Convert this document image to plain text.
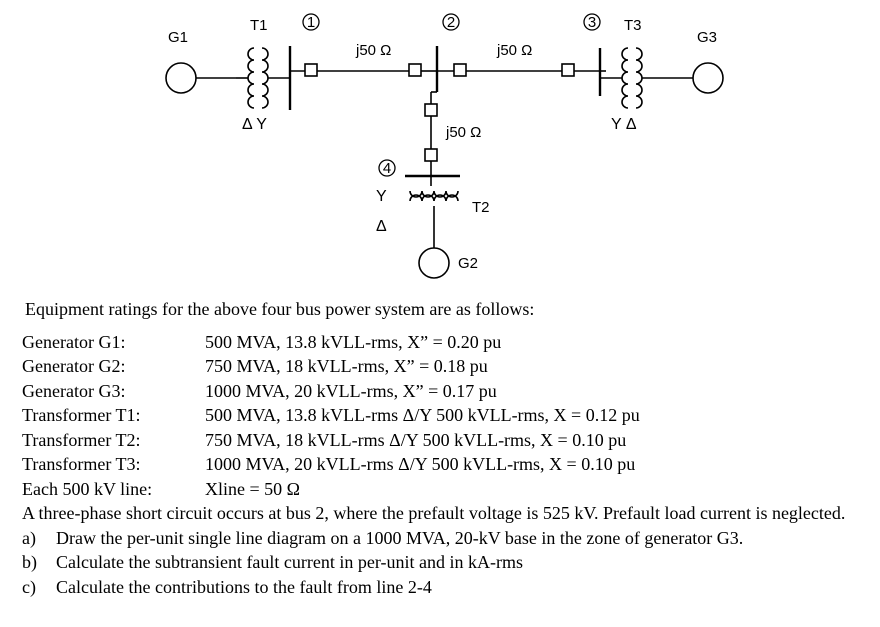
G1
T1
Δ Y
1
j50 Ω
2
j50 Ω
j50 Ω
3 T3
Y Δ
G3
4
T2
Y
Δ
G2
Equipment ratings for the above four bus power system are as follows:
Generator G1:	500 MVA, 13.8 kVLL-rms, X” = 0.20 pu
Generator G2:	750 MVA, 18 kVLL-rms, X” = 0.18 pu
Generator G3:	1000 MVA, 20 kVLL-rms, X” = 0.17 pu
Transformer T1:	500 MVA, 13.8 kVLL-rms Δ/Y 500 kVLL-rms, X = 0.12 pu
Transformer T2:	750 MVA, 18 kVLL-rms Δ/Y 500 kVLL-rms, X = 0.10 pu
Transformer T3:	1000 MVA, 20 kVLL-rms Δ/Y 500 kVLL-rms, X = 0.10 pu
Each 500 kV line:	Xline = 50 Ω

A three-phase short circuit occurs at bus 2, where the prefault voltage is 525 kV. Prefault load current is neglected.

a)	Draw the per-unit single line diagram on a 1000 MVA, 20-kV base in the zone of generator G3.
b)	Calculate the subtransient fault current in per-unit and in kA-rms
c)	Calculate the contributions to the fault from line 2-4
